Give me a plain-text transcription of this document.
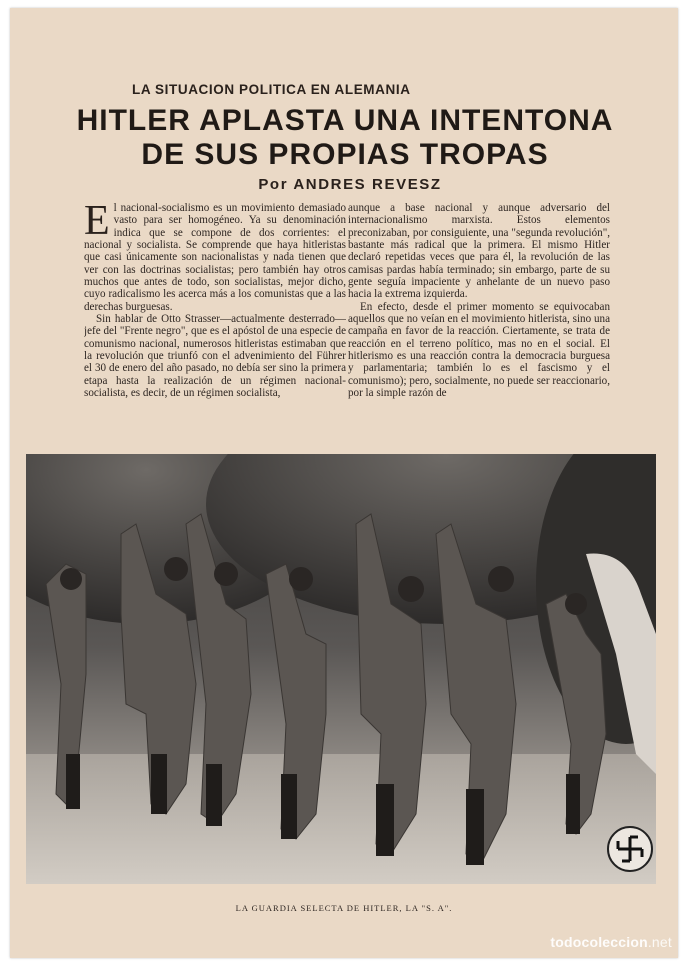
LA SITUACION POLITICA EN ALEMANIA
HITLER APLASTA UNA INTENTONA
DE SUS PROPIAS TROPAS
Por ANDRES REVESZ

El nacional-socialismo es un movimiento demasiado vasto para ser homogéneo. Ya su denominación indica que se compone de dos corrientes: el nacional y socialista. Se comprende que haya hitleristas que casi únicamente son nacionalistas y nada tienen que ver con las doctrinas socialistas; pero también hay otros muchos que antes de todo, son socialistas, mejor dicho, cuyo radicalismo les acerca más a los comunistas que a las derechas burguesas.

Sin hablar de Otto Strasser—actualmente desterrado—jefe del "Frente negro", que es el apóstol de una especie de comunismo nacional, numerosos hitleristas estimaban que la revolución que triunfó con el advenimiento del Führer el 30 de enero del año pasado, no debía ser sino la primera etapa hasta la realización de un régimen nacional-socialista, es decir, de un régimen socialista,

aunque a base nacional y aunque adversario del internacionalismo marxista. Estos elementos preconizaban, por consiguiente, una "segunda revolución", bastante más radical que la primera. El mismo Hitler declaró repetidas veces que para él, la revolución de las camisas pardas había terminado; sin embargo, parte de su gente seguía impaciente y anhelante de un nuevo paso hacia la extrema izquierda.

En efecto, desde el primer momento se equivocaban aquellos que no veían en el movimiento hitlerista, sino una campaña en favor de la reacción. Ciertamente, se trata de reacción en el terreno político, mas no en el social. El hitlerismo es una reacción contra la democracia burguesa y parlamentaria; también lo es el fascismo y el comunismo); pero, socialmente, no puede ser reaccionario, por la simple razón de

LA GUARDIA SELECTA DE HITLER, LA "S. A".
todocoleccion.net
